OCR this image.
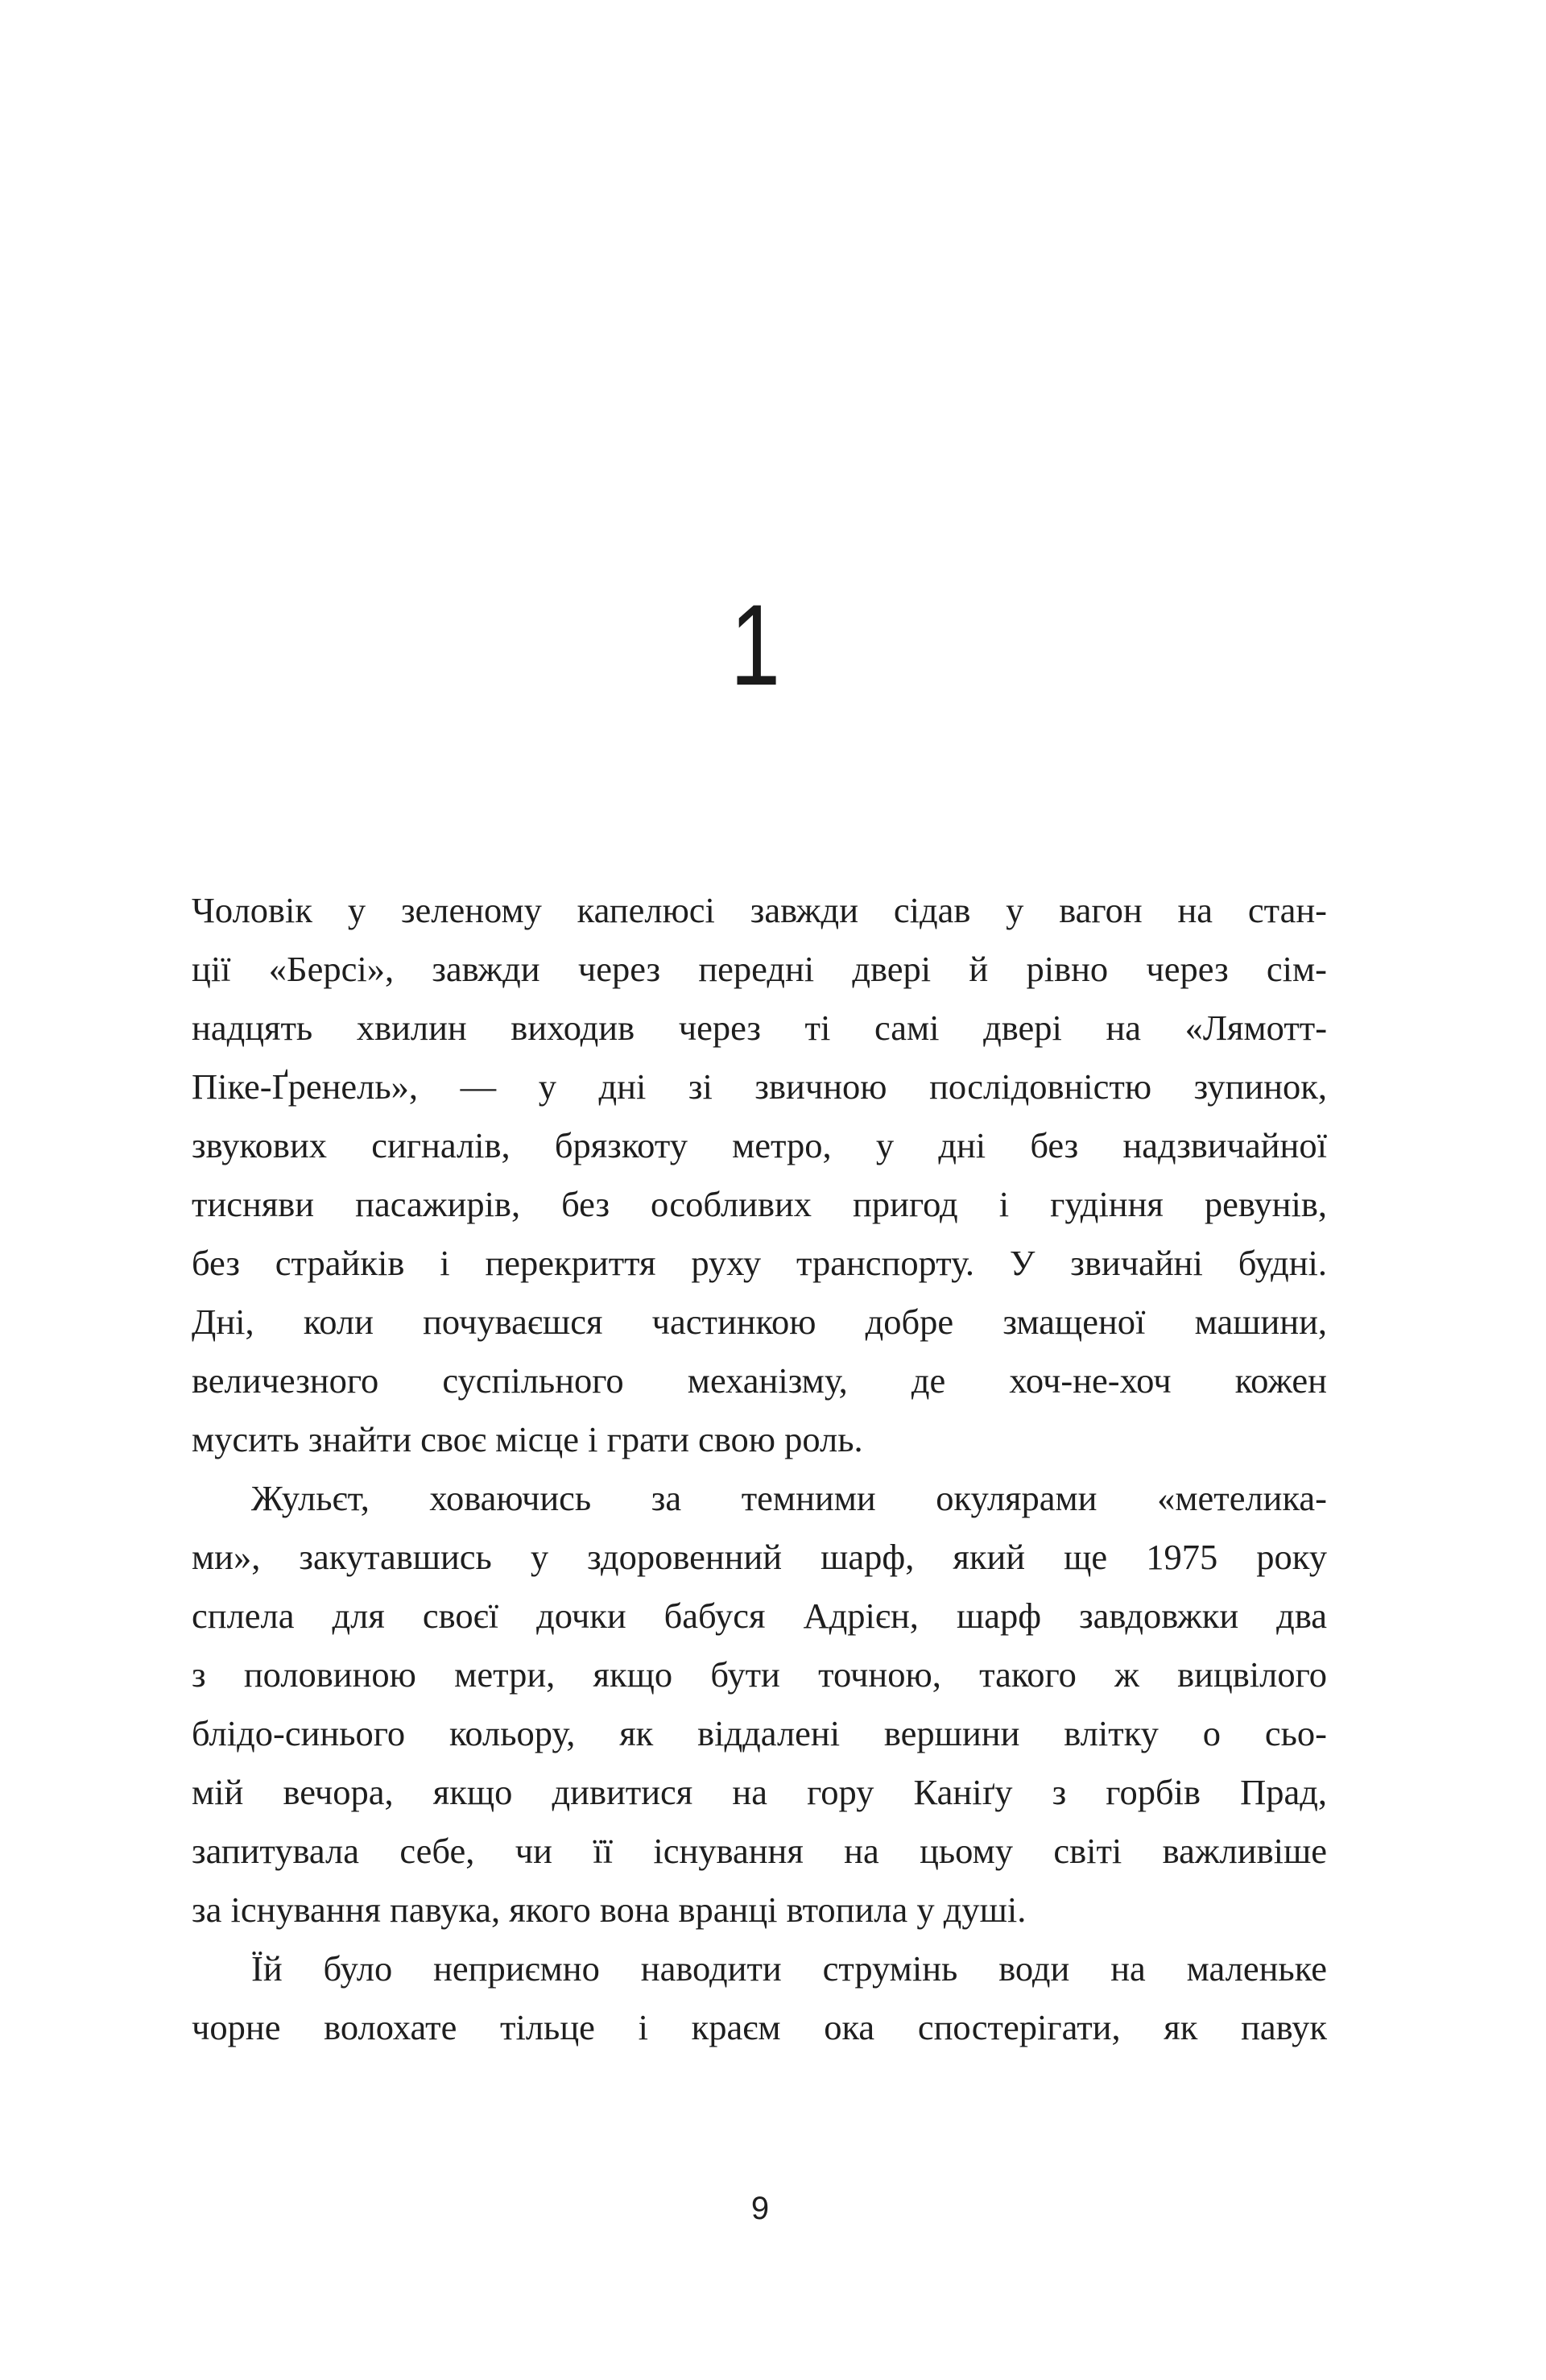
1
Чоловік у зеленому капелюсі завжди сідав у вагон на стан-
ції «Берсі», завжди через передні двері й рівно через сім-
надцять хвилин виходив через ті самі двері на «Лямотт-
Піке-Ґренель», — у дні зі звичною послідовністю зупинок,
звукових сигналів, брязкоту метро, у дні без надзвичайної
тисняви пасажирів, без особливих пригод і гудіння ревунів,
без страйків і перекриття руху транспорту. У звичайні будні.
Дні, коли почуваєшся частинкою добре змащеної машини,
величезного суспільного механізму, де хоч-не-хоч кожен
мусить знайти своє місце і грати свою роль.
Жульєт, ховаючись за темними окулярами «метелика-
ми», закутавшись у здоровенний шарф, який ще 1975 року
сплела для своєї дочки бабуся Адрієн, шарф завдовжки два
з половиною метри, якщо бути точною, такого ж вицвілого
блідо-синього кольору, як віддалені вершини влітку о сьо-
мій вечора, якщо дивитися на гору Каніґу з горбів Прад,
запитувала себе, чи її існування на цьому світі важливіше
за існування павука, якого вона вранці втопила у душі.
Їй було неприємно наводити струмінь води на маленьке
чорне волохате тільце і краєм ока спостерігати, як павук
9
